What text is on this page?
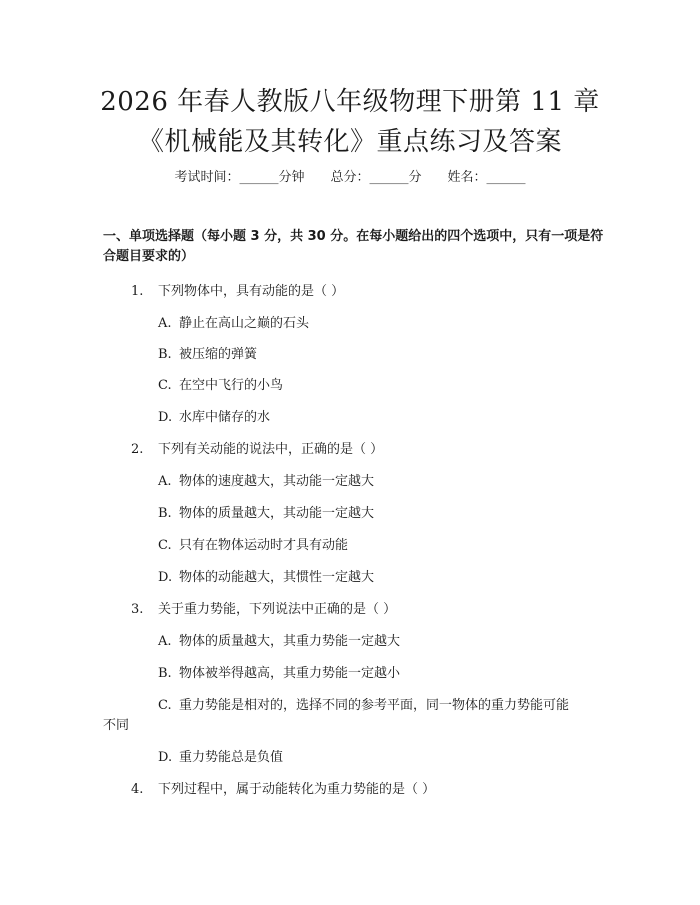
2026 年春人教版八年级物理下册第 11 章
《机械能及其转化》重点练习及答案
考试时间：______分钟 总分：______分 姓名：______
一、单项选择题（每小题 3 分，共 30 分。在每小题给出的四个选项中，只有一项是符合题目要求的）
1. 下列物体中，具有动能的是（ ）
A. 静止在高山之巅的石头
B. 被压缩的弹簧
C. 在空中飞行的小鸟
D. 水库中储存的水
2. 下列有关动能的说法中，正确的是（ ）
A. 物体的速度越大，其动能一定越大
B. 物体的质量越大，其动能一定越大
C. 只有在物体运动时才具有动能
D. 物体的动能越大，其惯性一定越大
3. 关于重力势能，下列说法中正确的是（ ）
A. 物体的质量越大，其重力势能一定越大
B. 物体被举得越高，其重力势能一定越小
C. 重力势能是相对的，选择不同的参考平面，同一物体的重力势能可能
不同
D. 重力势能总是负值
4. 下列过程中，属于动能转化为重力势能的是（ ）
